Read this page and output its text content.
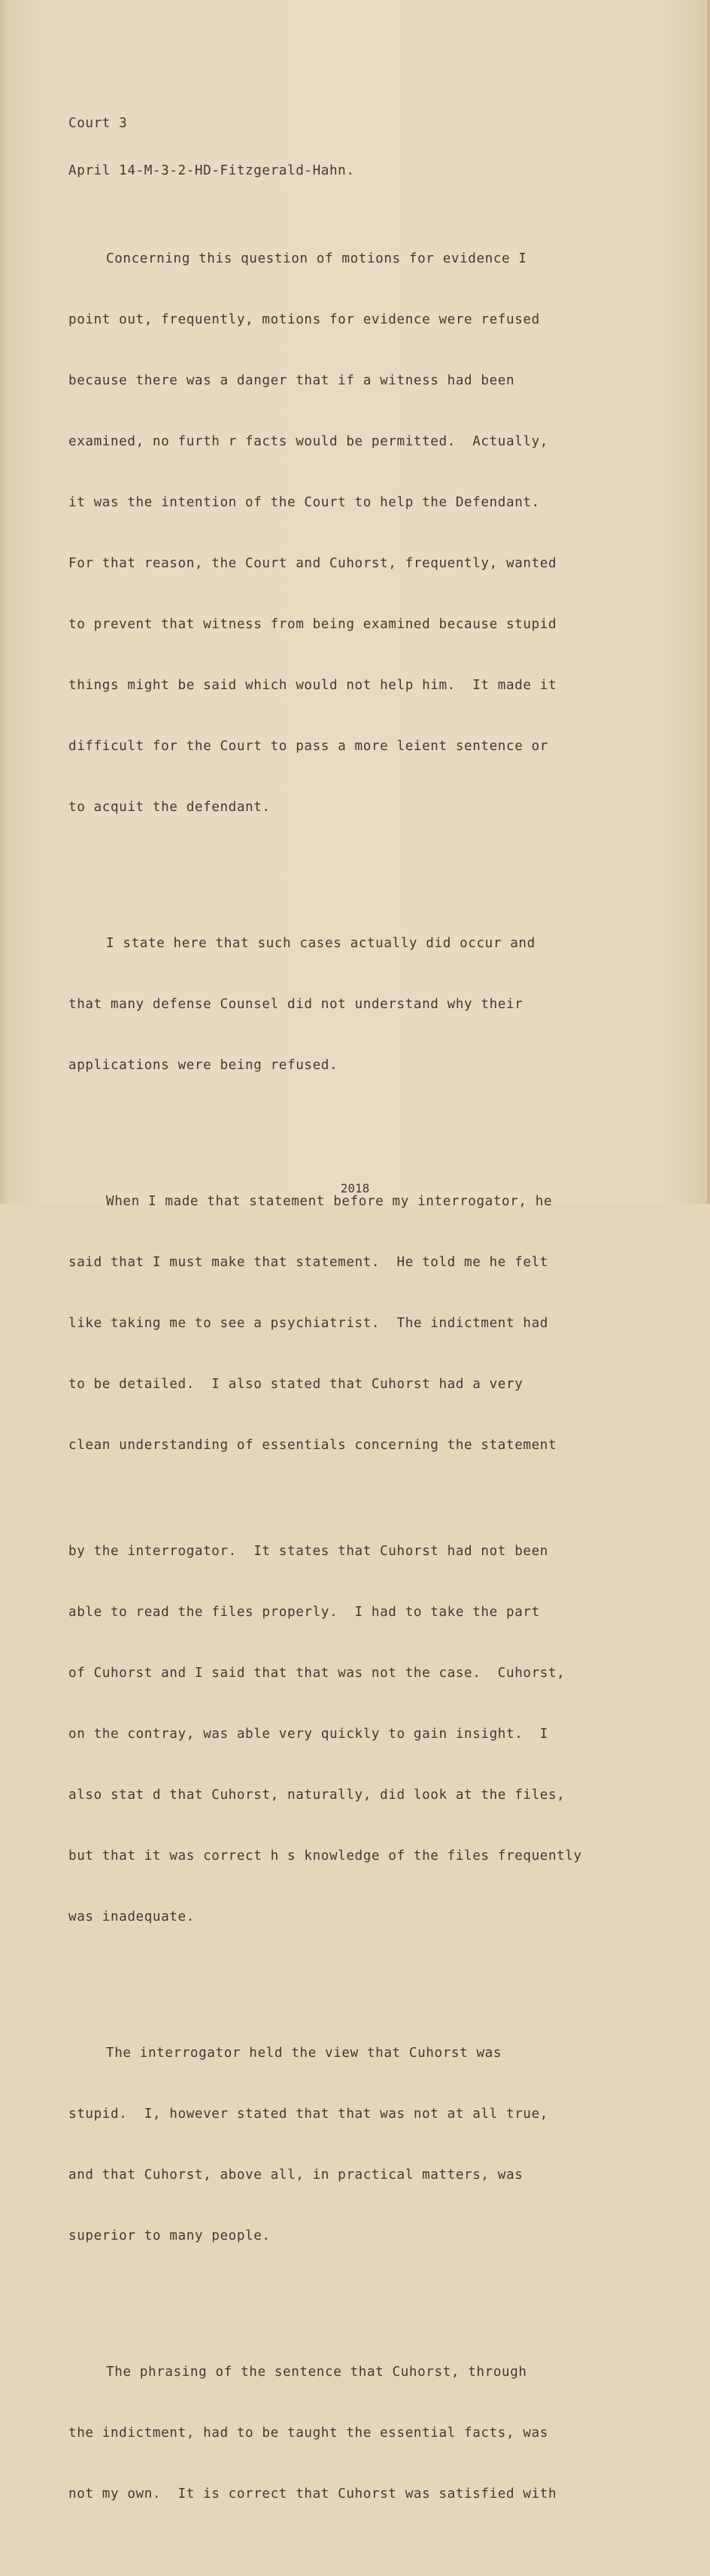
Court 3

April 14-M-3-2-HD-Fitzgerald-Hahn.

Concerning this question of motions for evidence I

point out, frequently, motions for evidence were refused

because there was a danger that if a witness had been

examined, no furth r facts would be permitted.  Actually,

it was the intention of the Court to help the Defendant.

For that reason, the Court and Cuhorst, frequently, wanted

to prevent that witness from being examined because stupid

things might be said which would not help him.  It made it

difficult for the Court to pass a more leient sentence or

to acquit the defendant.

I state here that such cases actually did occur and

that many defense Counsel did not understand why their

applications were being refused.

When I made that statement before my interrogator, he

said that I must make that statement.  He told me he felt

like taking me to see a psychiatrist.  The indictment had

to be detailed.  I also stated that Cuhorst had a very

clean understanding of essentials concerning the statement

by the interrogator.  It states that Cuhorst had not been

able to read the files properly.  I had to take the part

of Cuhorst and I said that that was not the case.  Cuhorst,

on the contray, was able very quickly to gain insight.  I

also stat d that Cuhorst, naturally, did look at the files,

but that it was correct h s knowledge of the files frequently

was inadequate.

The interrogator held the view that Cuhorst was

stupid.  I, however stated that that was not at all true,

and that Cuhorst, above all, in practical matters, was

superior to many people.

The phrasing of the sentence that Cuhorst, through

the indictment, had to be taught the essential facts, was

not my own.  It is correct that Cuhorst was satisfied with

2018
